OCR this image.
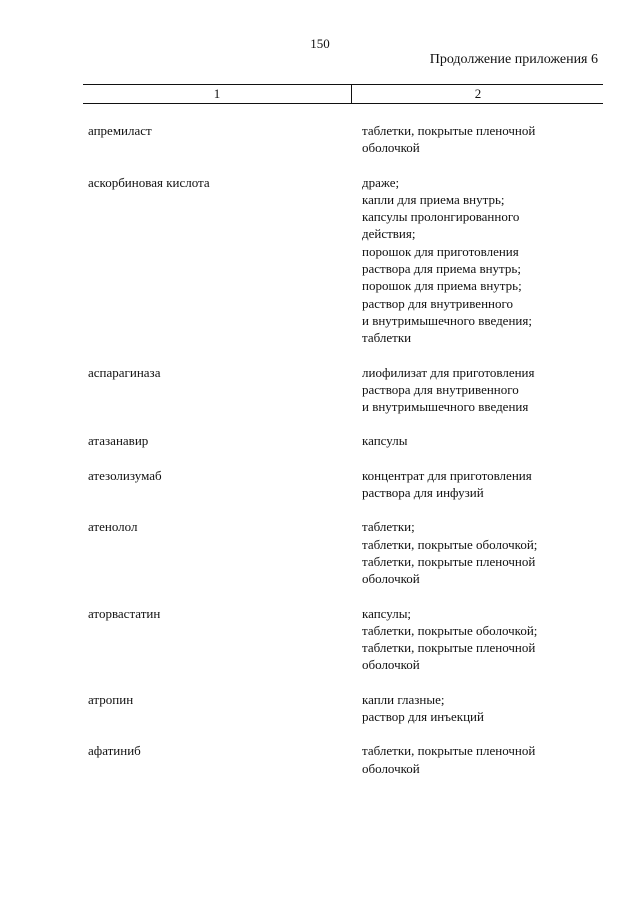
150
Продолжение приложения 6
1	2
апремиласт	таблетки, покрытые пленочной
оболочкой
аскорбиновая кислота	драже;
капли для приема внутрь;
капсулы пролонгированного
действия;
порошок для приготовления
раствора для приема внутрь;
порошок для приема внутрь;
раствор для внутривенного
и внутримышечного введения;
таблетки
аспарагиназа	лиофилизат для приготовления
раствора для внутривенного
и внутримышечного введения
атазанавир	капсулы
атезолизумаб	концентрат для приготовления
раствора для инфузий
атенолол	таблетки;
таблетки, покрытые оболочкой;
таблетки, покрытые пленочной
оболочкой
аторвастатин	капсулы;
таблетки, покрытые оболочкой;
таблетки, покрытые пленочной
оболочкой
атропин	капли глазные;
раствор для инъекций
афатиниб	таблетки, покрытые пленочной
оболочкой
